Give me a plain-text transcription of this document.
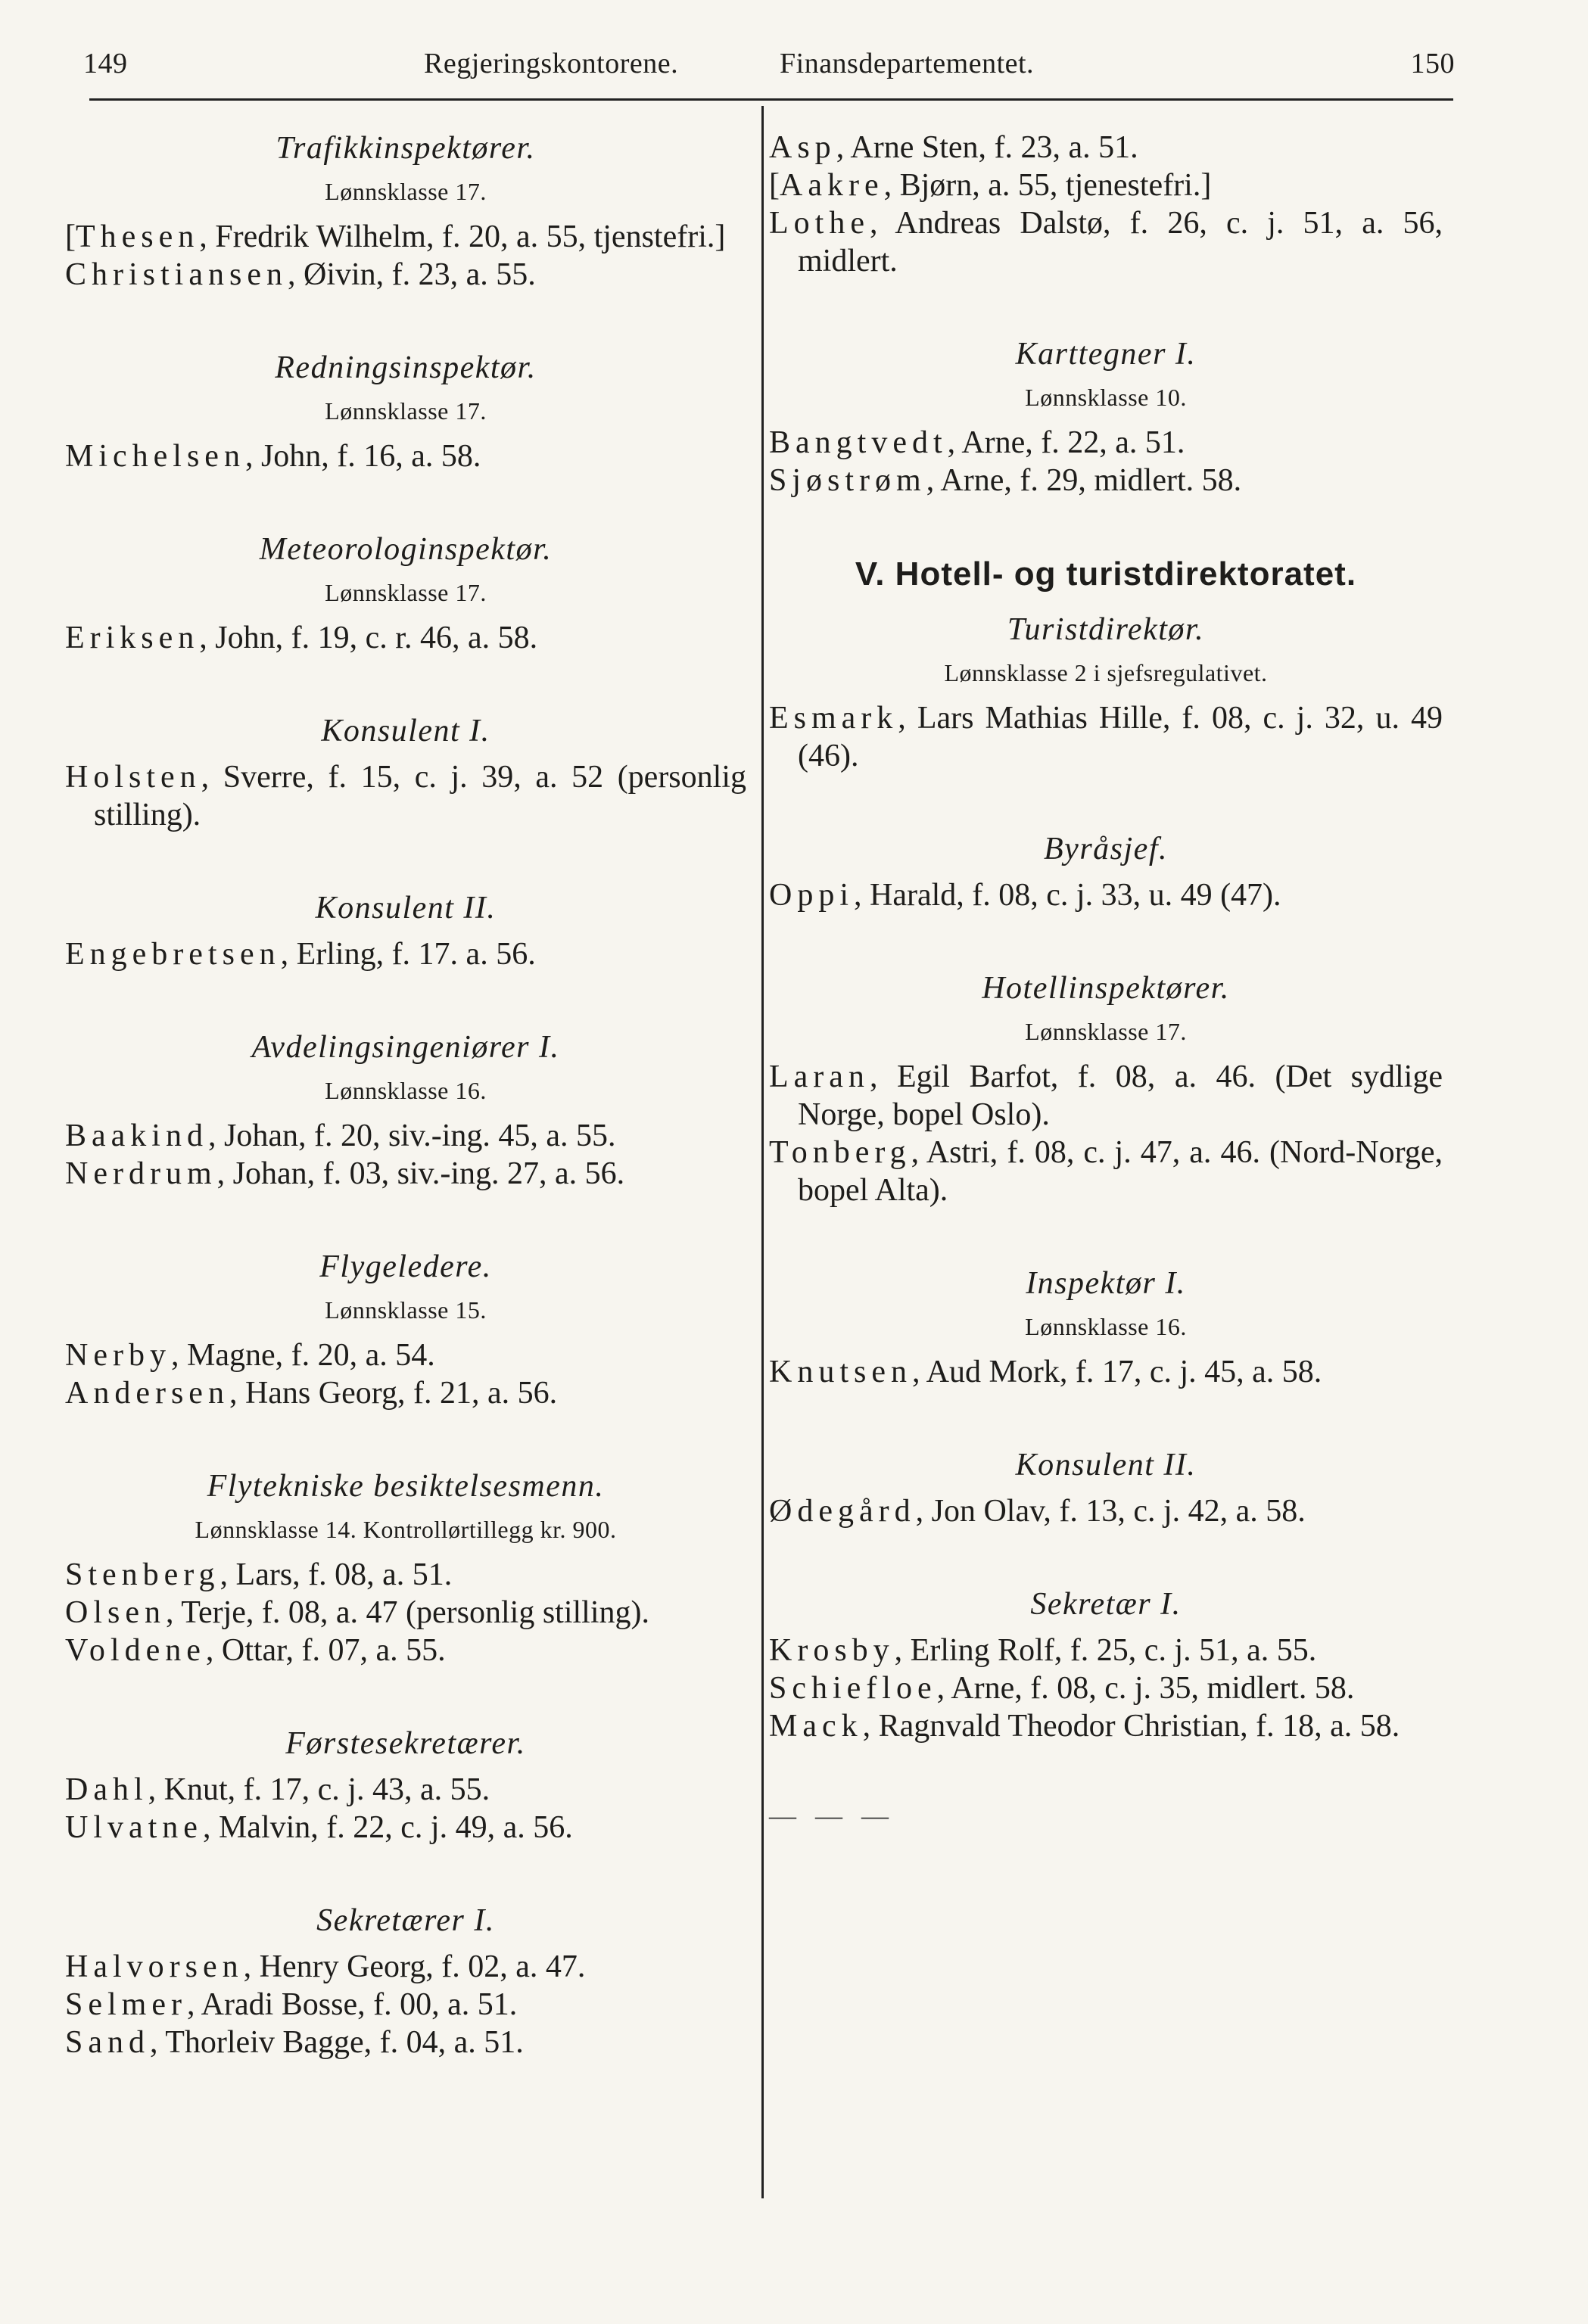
149	Regjeringskontorene.	Finansdepartementet.	150
Trafikkinspektører.
Lønnsklasse 17.

[Thesen, Fredrik Wilhelm, f. 20, a. 55, tjenstefri.]

Christiansen, Øivin, f. 23, a. 55.

Redningsinspektør.
Lønnsklasse 17.

Michelsen, John, f. 16, a. 58.

Meteorologinspektør.
Lønnsklasse 17.

Eriksen, John, f. 19, c. r. 46, a. 58.

Konsulent I.

Holsten, Sverre, f. 15, c. j. 39, a. 52 (personlig stilling).

Konsulent II.

Engebretsen, Erling, f. 17. a. 56.

Avdelingsingeniører I.
Lønnsklasse 16.

Baakind, Johan, f. 20, siv.-ing. 45, a. 55.

Nerdrum, Johan, f. 03, siv.-ing. 27, a. 56.

Flygeledere.
Lønnsklasse 15.

Nerby, Magne, f. 20, a. 54.

Andersen, Hans Georg, f. 21, a. 56.

Flytekniske besiktelsesmenn.
Lønnsklasse 14. Kontrollørtillegg kr. 900.

Stenberg, Lars, f. 08, a. 51.

Olsen, Terje, f. 08, a. 47 (personlig stilling).

Voldene, Ottar, f. 07, a. 55.

Førstesekretærer.

Dahl, Knut, f. 17, c. j. 43, a. 55.

Ulvatne, Malvin, f. 22, c. j. 49, a. 56.

Sekretærer I.

Halvorsen, Henry Georg, f. 02, a. 47.

Selmer, Aradi Bosse, f. 00, a. 51.

Sand, Thorleiv Bagge, f. 04, a. 51.

Asp, Arne Sten, f. 23, a. 51.

[Aakre, Bjørn, a. 55, tjenestefri.]

Lothe, Andreas Dalstø, f. 26, c. j. 51, a. 56, midlert.

Karttegner I.
Lønnsklasse 10.

Bangtvedt, Arne, f. 22, a. 51.

Sjøstrøm, Arne, f. 29, midlert. 58.

V. Hotell- og turistdirektoratet.
Turistdirektør.
Lønnsklasse 2 i sjefsregulativet.

Esmark, Lars Mathias Hille, f. 08, c. j. 32, u. 49 (46).

Byråsjef.

Oppi, Harald, f. 08, c. j. 33, u. 49 (47).

Hotellinspektører.
Lønnsklasse 17.

Laran, Egil Barfot, f. 08, a. 46. (Det sydlige Norge, bopel Oslo).

Tonberg, Astri, f. 08, c. j. 47, a. 46. (Nord-Norge, bopel Alta).

Inspektør I.
Lønnsklasse 16.

Knutsen, Aud Mork, f. 17, c. j. 45, a. 58.

Konsulent II.

Ødegård, Jon Olav, f. 13, c. j. 42, a. 58.

Sekretær I.

Krosby, Erling Rolf, f. 25, c. j. 51, a. 55.

Schiefloe, Arne, f. 08, c. j. 35, midlert. 58.

Mack, Ragnvald Theodor Christian, f. 18, a. 58.

— — —
